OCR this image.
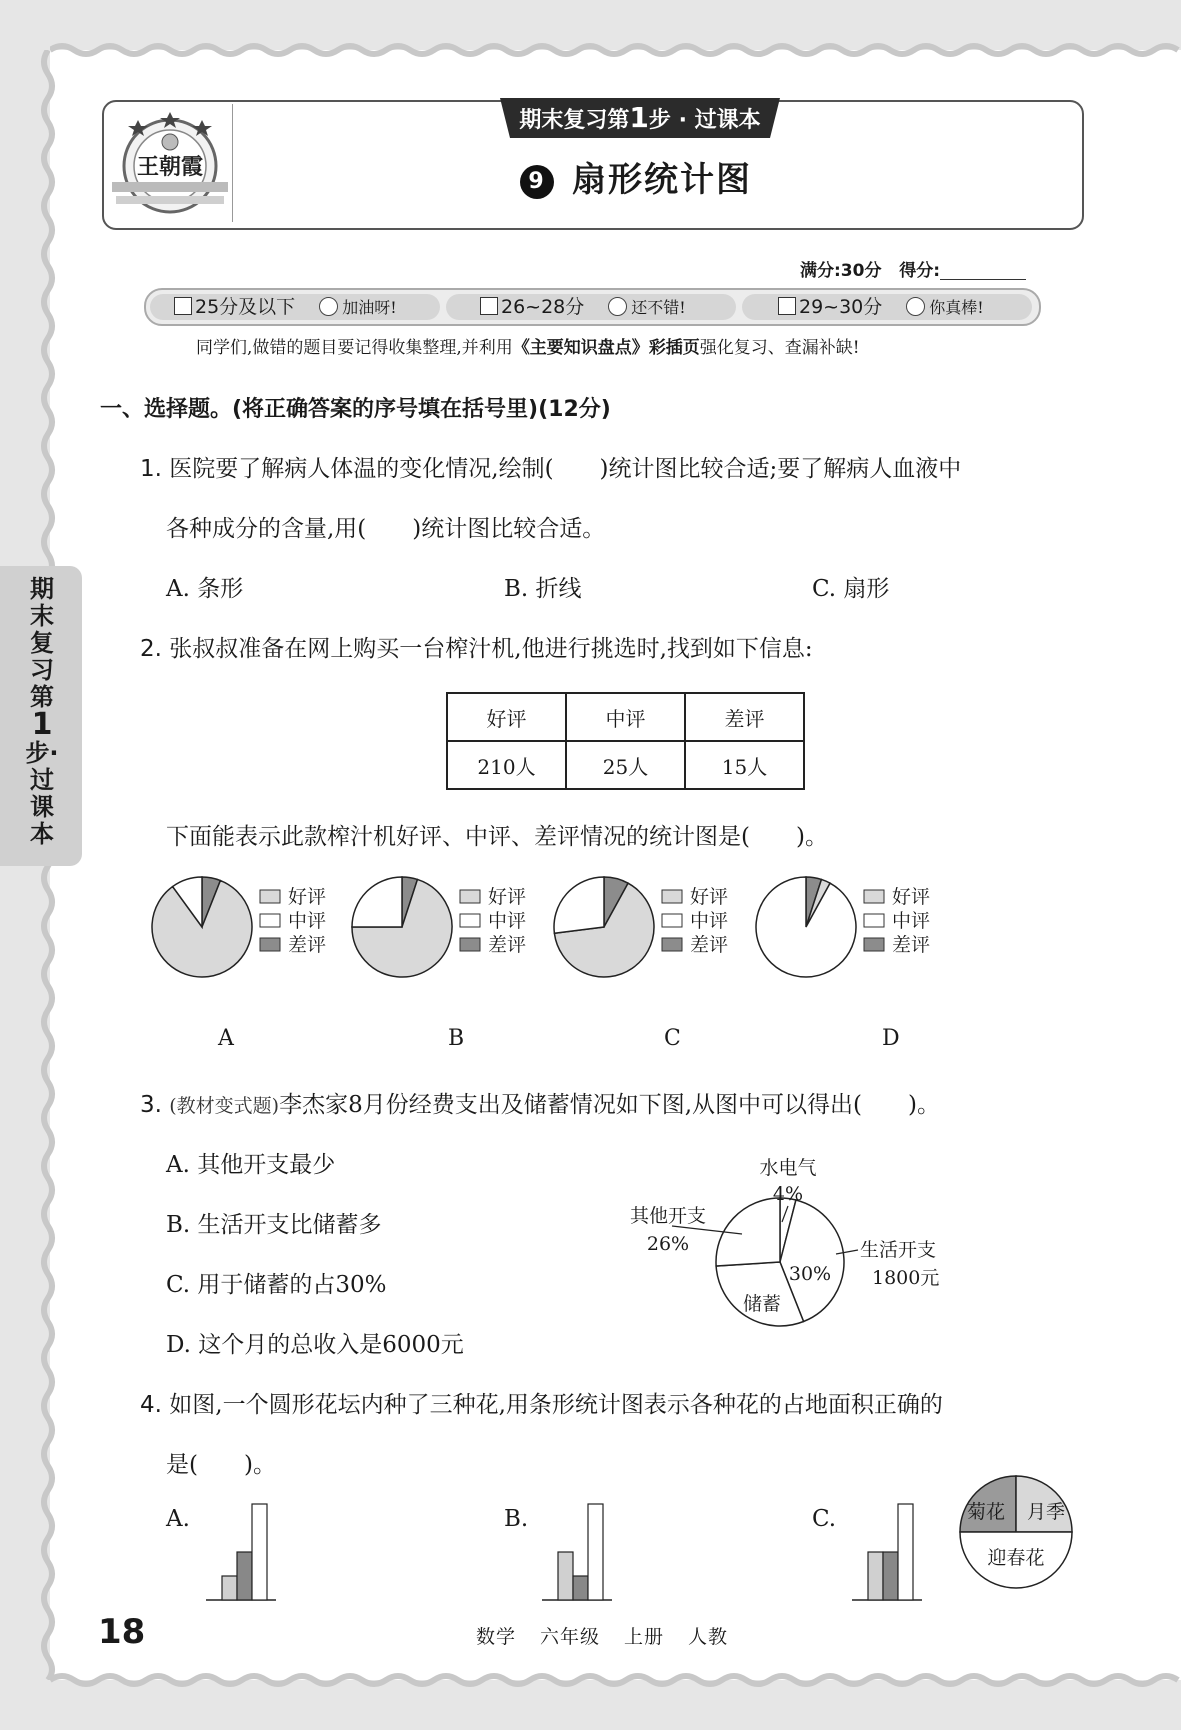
王朝霞
期末复习第1步 · 过课本
9 扇形统计图
满分:30分 得分:
25分及以下	加油呀!	26~28分	还不错!	29~30分	你真棒!
同学们,做错的题目要记得收集整理,并利用《主要知识盘点》彩插页强化复习、查漏补缺!
期末复习第
1
步·过课本
一、选择题。(将正确答案的序号填在括号里)(12分)
1. 医院要了解病人体温的变化情况,绘制(　　)统计图比较合适;要了解病人血液中
各种成分的含量,用(　　)统计图比较合适。
A. 条形	B. 折线	C. 扇形
2. 张叔叔准备在网上购买一台榨汁机,他进行挑选时,找到如下信息:
好评	中评	差评
210人	25人	15人
下面能表示此款榨汁机好评、中评、差评情况的统计图是(　　)。
好评
中评
差评
好评
中评
差评
好评
中评
差评
好评
中评
差评
A	B	C	D
3. (教材变式题)李杰家8月份经费支出及储蓄情况如下图,从图中可以得出(　　)。
A. 其他开支最少
B. 生活开支比储蓄多
C. 用于储蓄的占30%
D. 这个月的总收入是6000元
水电气
4%
生活开支
1800元
30%
储蓄
其他开支
26%
4. 如图,一个圆形花坛内种了三种花,用条形统计图表示各种花的占地面积正确的
是(　　)。
A.	B.	C.	菊花 月季
迎春花
18	数学 六年级 上册 人教
